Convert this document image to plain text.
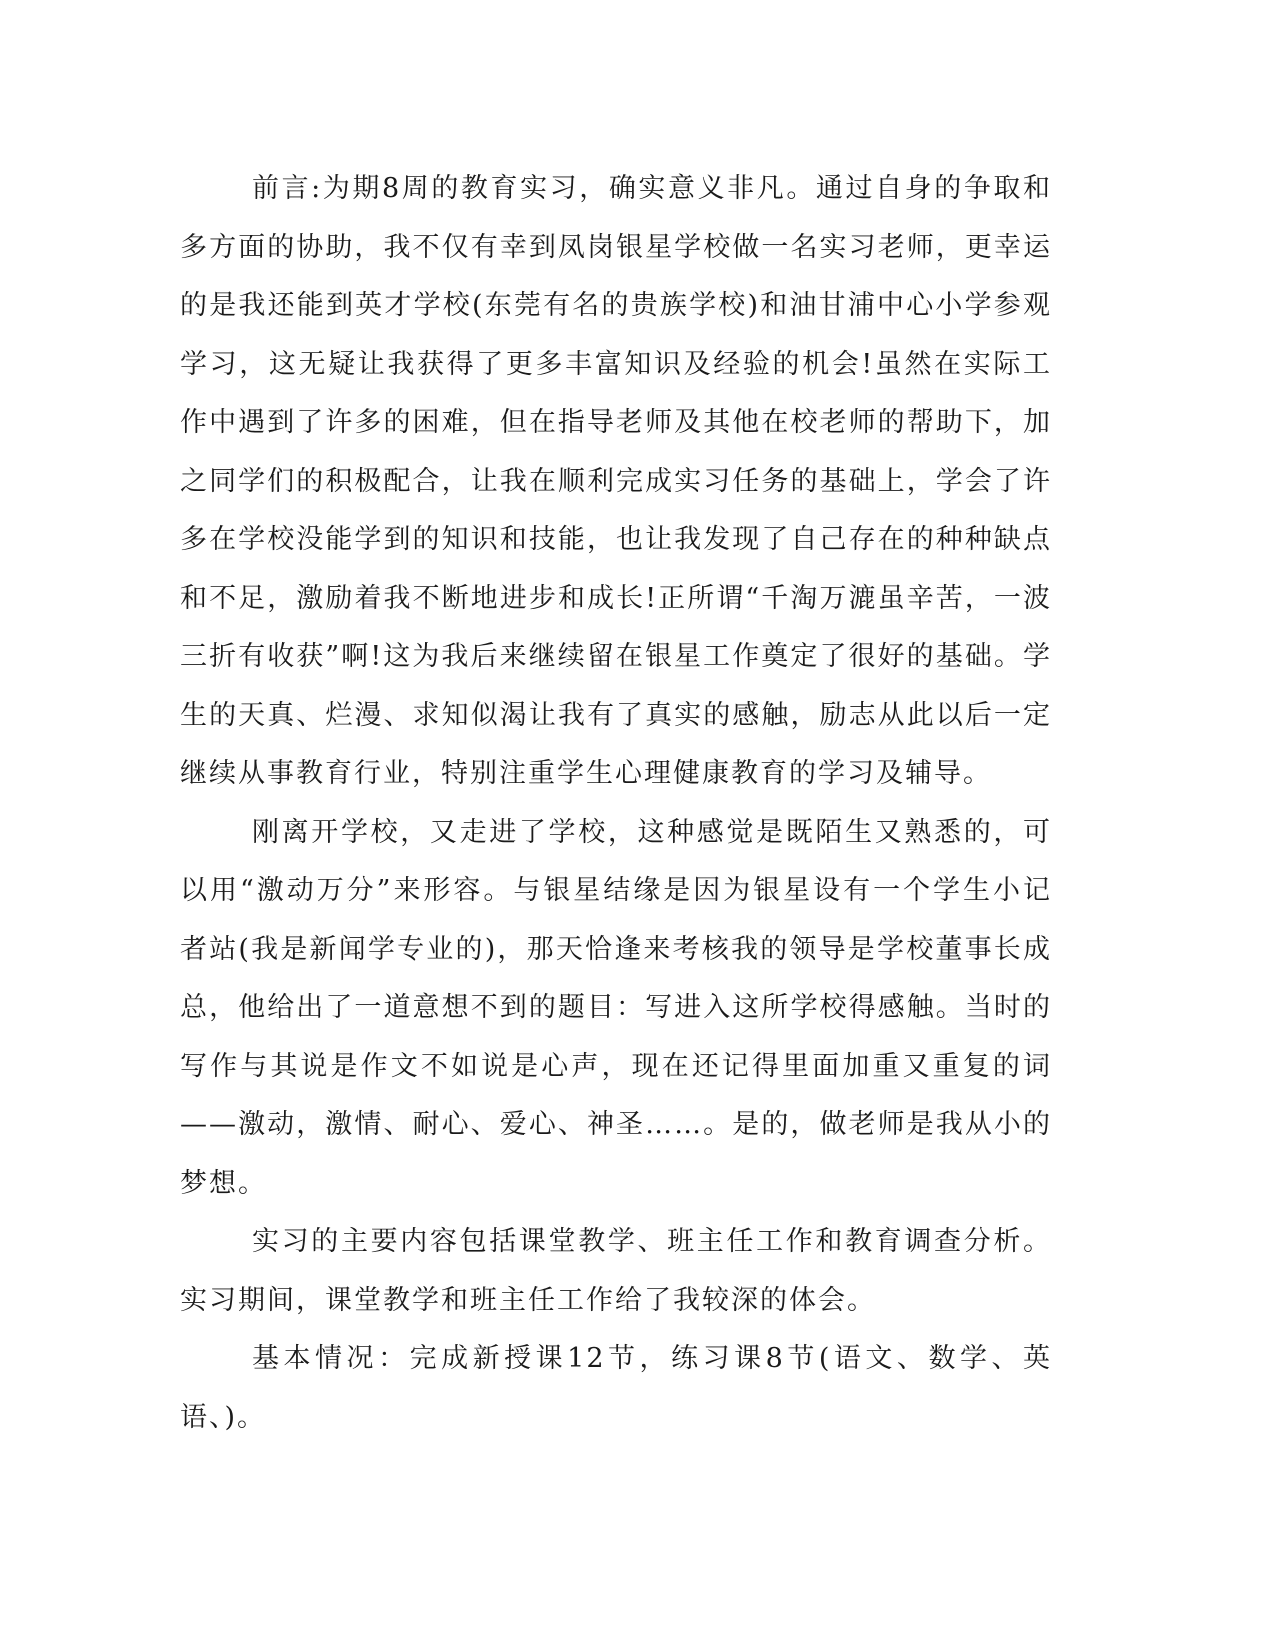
前言:为期8周的教育实习，确实意义非凡。通过自身的争取和多方面的协助，我不仅有幸到凤岗银星学校做一名实习老师，更幸运的是我还能到英才学校(东莞有名的贵族学校)和油甘浦中心小学参观学习，这无疑让我获得了更多丰富知识及经验的机会!虽然在实际工作中遇到了许多的困难，但在指导老师及其他在校老师的帮助下，加之同学们的积极配合，让我在顺利完成实习任务的基础上，学会了许多在学校没能学到的知识和技能，也让我发现了自己存在的种种缺点和不足，激励着我不断地进步和成长!正所谓“千淘万漉虽辛苦，一波三折有收获”啊!这为我后来继续留在银星工作奠定了很好的基础。学生的天真、烂漫、求知似渴让我有了真实的感触，励志从此以后一定继续从事教育行业，特别注重学生心理健康教育的学习及辅导。

刚离开学校，又走进了学校，这种感觉是既陌生又熟悉的，可以用“激动万分”来形容。与银星结缘是因为银星设有一个学生小记者站(我是新闻学专业的)，那天恰逢来考核我的领导是学校董事长成总，他给出了一道意想不到的题目：写进入这所学校得感触。当时的写作与其说是作文不如说是心声，现在还记得里面加重又重复的词——激动，激情、耐心、爱心、神圣……。是的，做老师是我从小的梦想。

实习的主要内容包括课堂教学、班主任工作和教育调查分析。实习期间，课堂教学和班主任工作给了我较深的体会。

基本情况：完成新授课12节，练习课8节(语文、数学、英语、)。
